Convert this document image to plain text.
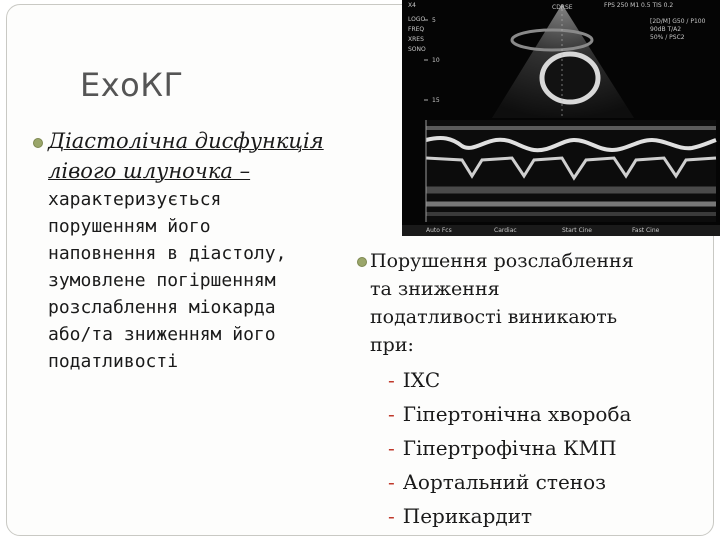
X4	CDRSE	FPS 250 M1 0.5 TIS 0.2
LOGO
FREQ
XRES
SONO
[2D/M] G50 / P100
90dB T/A2
50% / PSC2
5
10
15
Auto Fcs	Cardiac	Start Cine	Fast Cine
ЕхоКГ
Діастолічна дисфункція лівого шлуночка –
характеризується
порушенням його
наповнення в діастолу,
зумовлене погіршенням
розслаблення міокарда
або/та зниженням його
податливості
Порушення розслаблення
та зниження
податливості виникають
при:
- ІХС
- Гіпертонічна хвороба
- Гіпертрофічна КМП
- Аортальний стеноз
- Перикардит
